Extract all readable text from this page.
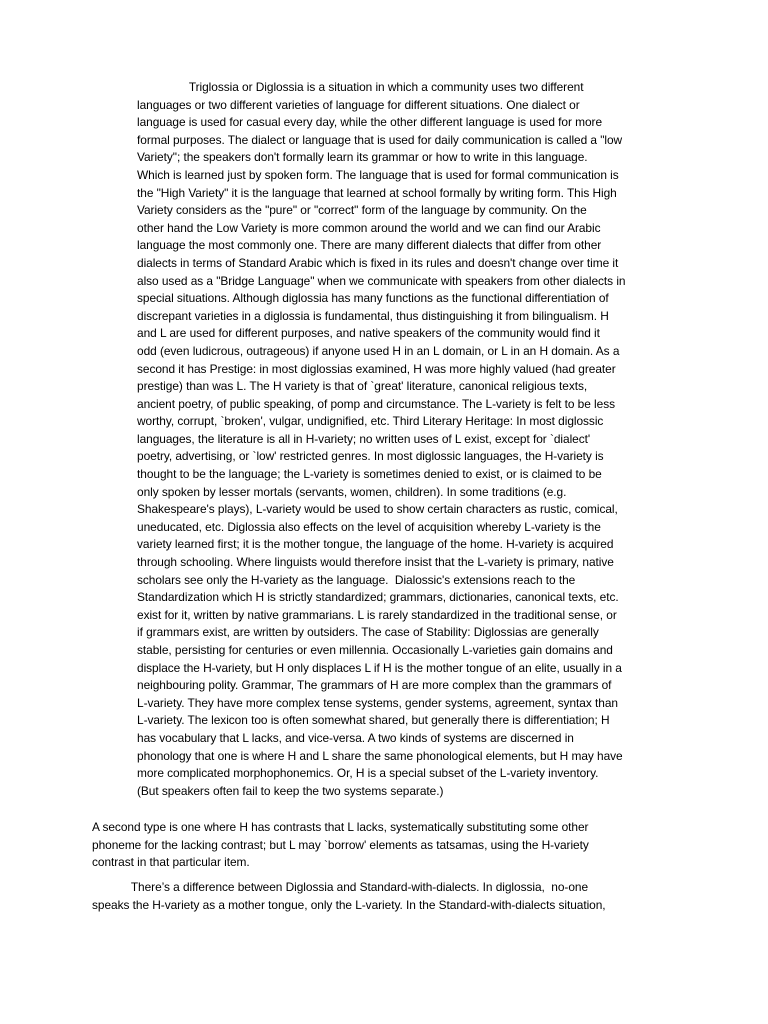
Triglossia or Diglossia is a situation in which a community uses two different
languages or two different varieties of language for different situations. One dialect or
language is used for casual every day, while the other different language is used for more
formal purposes. The dialect or language that is used for daily communication is called a "low
Variety"; the speakers don't formally learn its grammar or how to write in this language.
Which is learned just by spoken form. The language that is used for formal communication is
the "High Variety" it is the language that learned at school formally by writing form. This High
Variety considers as the "pure" or "correct" form of the language by community. On the
other hand the Low Variety is more common around the world and we can find our Arabic
language the most commonly one. There are many different dialects that differ from other
dialects in terms of Standard Arabic which is fixed in its rules and doesn't change over time it
also used as a "Bridge Language" when we communicate with speakers from other dialects in
special situations. Although diglossia has many functions as the functional differentiation of
discrepant varieties in a diglossia is fundamental, thus distinguishing it from bilingualism. H
and L are used for different purposes, and native speakers of the community would find it
odd (even ludicrous, outrageous) if anyone used H in an L domain, or L in an H domain. As a
second it has Prestige: in most diglossias examined, H was more highly valued (had greater
prestige) than was L. The H variety is that of `great' literature, canonical religious texts,
ancient poetry, of public speaking, of pomp and circumstance. The L-variety is felt to be less
worthy, corrupt, `broken', vulgar, undignified, etc. Third Literary Heritage: In most diglossic
languages, the literature is all in H-variety; no written uses of L exist, except for `dialect'
poetry, advertising, or `low' restricted genres. In most diglossic languages, the H-variety is
thought to be the language; the L-variety is sometimes denied to exist, or is claimed to be
only spoken by lesser mortals (servants, women, children). In some traditions (e.g.
Shakespeare's plays), L-variety would be used to show certain characters as rustic, comical,
uneducated, etc. Diglossia also effects on the level of acquisition whereby L-variety is the
variety learned first; it is the mother tongue, the language of the home. H-variety is acquired
through schooling. Where linguists would therefore insist that the L-variety is primary, native
scholars see only the H-variety as the language.  Dialossic's extensions reach to the
Standardization which H is strictly standardized; grammars, dictionaries, canonical texts, etc.
exist for it, written by native grammarians. L is rarely standardized in the traditional sense, or
if grammars exist, are written by outsiders. The case of Stability: Diglossias are generally
stable, persisting for centuries or even millennia. Occasionally L-varieties gain domains and
displace the H-variety, but H only displaces L if H is the mother tongue of an elite, usually in a
neighbouring polity. Grammar, The grammars of H are more complex than the grammars of
L-variety. They have more complex tense systems, gender systems, agreement, syntax than
L-variety. The lexicon too is often somewhat shared, but generally there is differentiation; H
has vocabulary that L lacks, and vice-versa. A two kinds of systems are discerned in
phonology that one is where H and L share the same phonological elements, but H may have
more complicated morphophonemics. Or, H is a special subset of the L-variety inventory.
(But speakers often fail to keep the two systems separate.)
A second type is one where H has contrasts that L lacks, systematically substituting some other
phoneme for the lacking contrast; but L may `borrow' elements as tatsamas, using the H-variety
contrast in that particular item.
There’s a difference between Diglossia and Standard-with-dialects. In diglossia,  no-one
speaks the H-variety as a mother tongue, only the L-variety. In the Standard-with-dialects situation,
